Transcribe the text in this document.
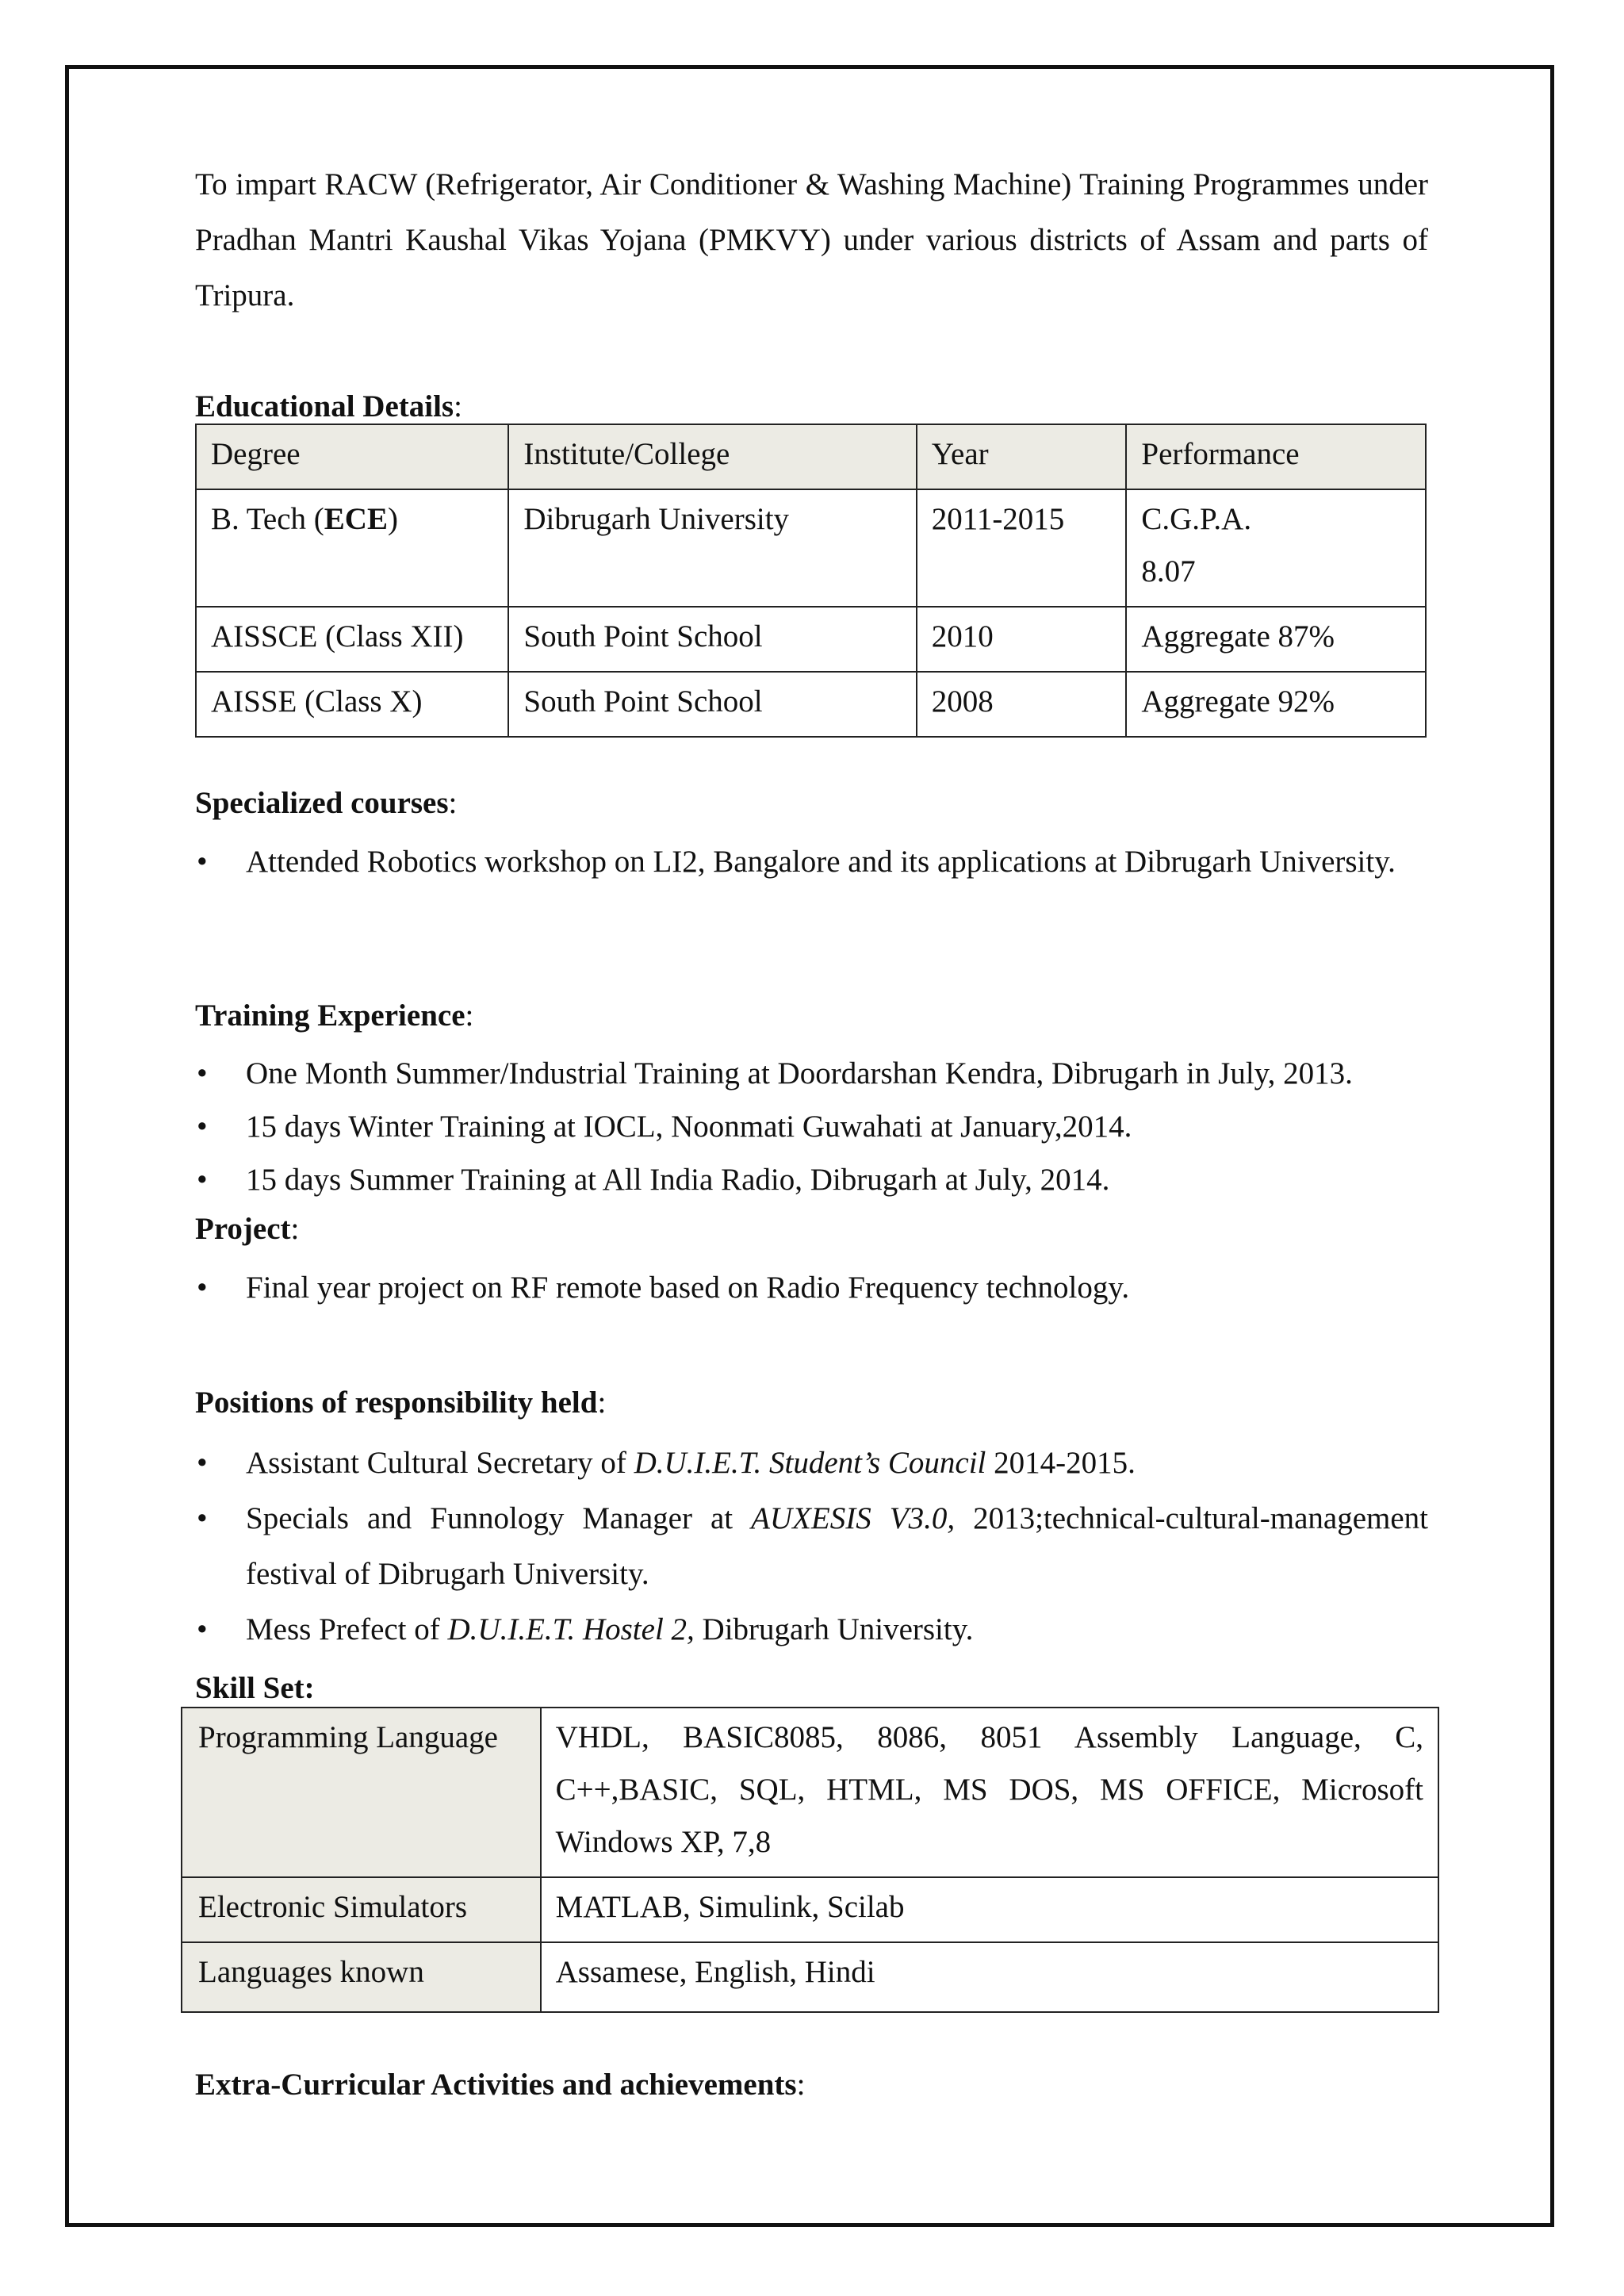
To impart RACW (Refrigerator, Air Conditioner & Washing Machine) Training Programmes under Pradhan Mantri Kaushal Vikas Yojana (PMKVY) under various districts of Assam and parts of Tripura.

Educational Details:

Degree	Institute/College	Year	Performance
B. Tech (ECE)	Dibrugarh University	2011-2015	C.G.P.A.
8.07

AISSCE (Class XII)	South Point School	2010	Aggregate 87%
AISSE (Class X)	South Point School	2008	Aggregate 92%

Specialized courses:

• Attended Robotics workshop on LI2, Bangalore and its applications at Dibrugarh University.

Training Experience:

• One Month Summer/Industrial Training at Doordarshan Kendra, Dibrugarh in July, 2013.
• 15 days Winter Training at IOCL, Noonmati Guwahati at January,2014.
• 15 days Summer Training at All India Radio, Dibrugarh at July, 2014.

Project:

• Final year project on RF remote based on Radio Frequency technology.

Positions of responsibility held:

• Assistant Cultural Secretary of D.U.I.E.T. Student’s Council 2014-2015.
• Specials and Funnology Manager at AUXESIS V3.0, 2013;technical-cultural-management festival of Dibrugarh University.
• Mess Prefect of D.U.I.E.T. Hostel 2, Dibrugarh University.

Skill Set:

Programming Language	VHDL, BASIC8085, 8086, 8051 Assembly Language, C, C++,BASIC, SQL, HTML, MS DOS, MS OFFICE, Microsoft Windows XP, 7,8
Electronic Simulators	MATLAB, Simulink, Scilab
Languages known	Assamese, English, Hindi

Extra-Curricular Activities and achievements:
